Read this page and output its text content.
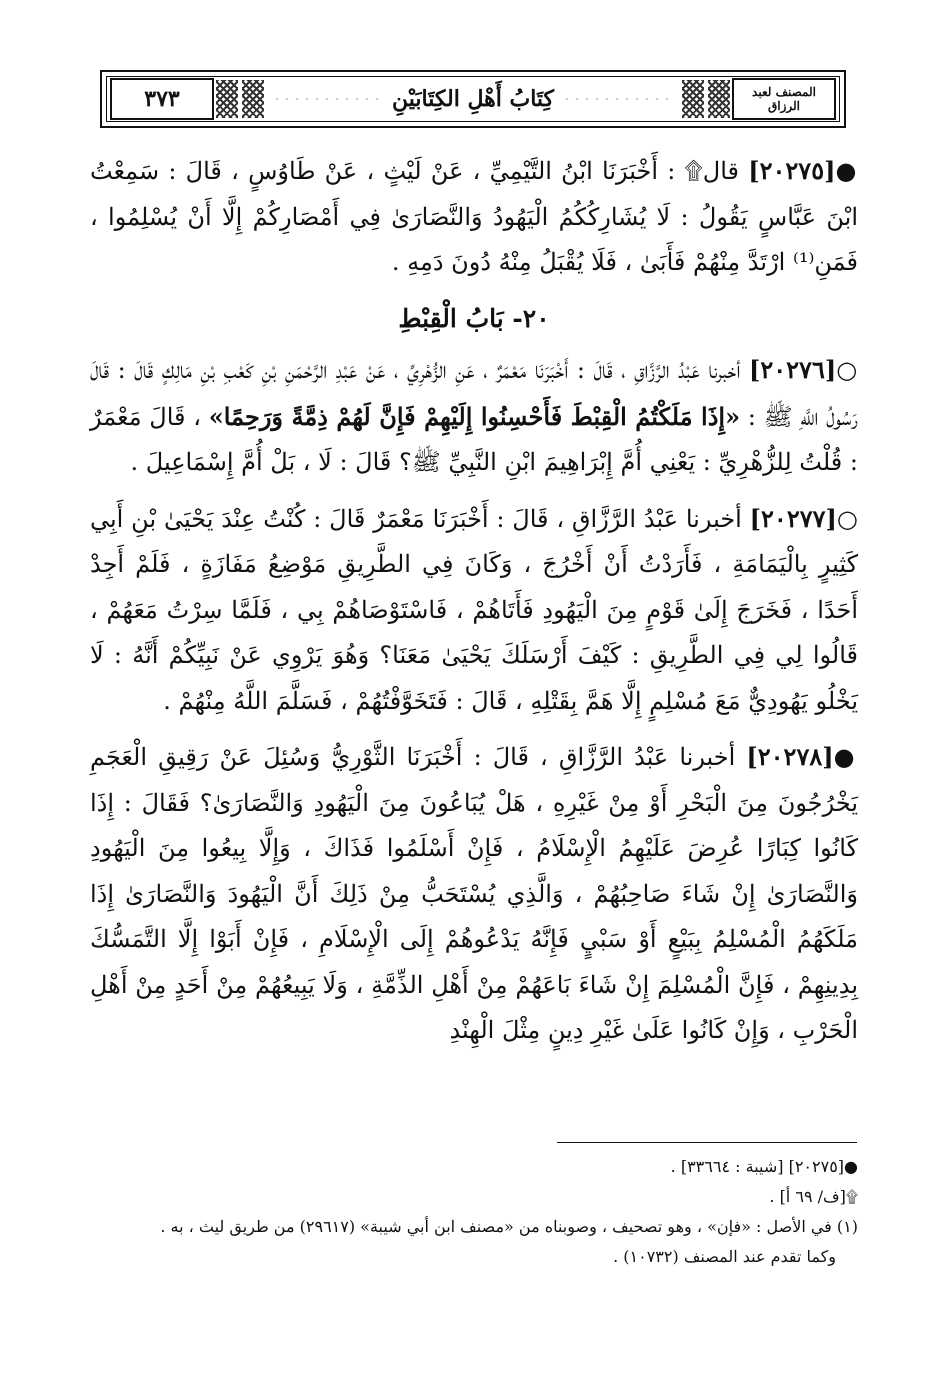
٣٧٣	كِتَابُ أَهْلِ الكِتَابَيْنِ	المصنف لعبد الرزاق

●[٢٠٢٧٥] قال۩ : أَخْبَرَنَا ابْنُ التَّيْمِيِّ ، عَنْ لَيْثٍ ، عَنْ طَاوُسٍ ، قَالَ : سَمِعْتُ ابْنَ عَبَّاسٍ يَقُولُ : لَا يُشَارِكُكُمُ الْيَهُودُ وَالنَّصَارَىٰ فِي أَمْصَارِكُمْ إِلَّا أَنْ يُسْلِمُوا ، فَمَنِ⁽¹⁾ ارْتَدَّ مِنْهُمْ فَأَبَىٰ ، فَلَا يُقْبَلُ مِنْهُ دُونَ دَمِهِ .

٢٠- بَابُ الْقِبْطِ

○[٢٠٢٧٦] أخبرنا عَبْدُ الرَّزَّاقِ ، قَالَ : أَخْبَرَنَا مَعْمَرٌ ، عَنِ الزُّهْرِيِّ ، عَنْ عَبْدِ الرَّحْمَنِ بْنِ كَعْبِ بْنِ مَالِكٍ قَالَ : قَالَ رَسُولُ اللَّهِ ﷺ : «إِذَا مَلَكْتُمُ الْقِبْطَ فَأَحْسِنُوا إِلَيْهِمْ فَإِنَّ لَهُمْ ذِمَّةً وَرَحِمًا» ، قَالَ مَعْمَرٌ : قُلْتُ لِلزُّهْرِيِّ : يَعْنِي أُمَّ إِبْرَاهِيمَ ابْنِ النَّبِيِّ ﷺ؟ قَالَ : لَا ، بَلْ أُمَّ إِسْمَاعِيلَ .

○[٢٠٢٧٧] أخبرنا عَبْدُ الرَّزَّاقِ ، قَالَ : أَخْبَرَنَا مَعْمَرٌ قَالَ : كُنْتُ عِنْدَ يَحْيَىٰ بْنِ أَبِي كَثِيرٍ بِالْيَمَامَةِ ، فَأَرَدْتُ أَنْ أَخْرُجَ ، وَكَانَ فِي الطَّرِيقِ مَوْضِعُ مَفَازَةٍ ، فَلَمْ أَجِدْ أَحَدًا ، فَخَرَجَ إِلَىٰ قَوْمٍ مِنَ الْيَهُودِ فَأَتَاهُمْ ، فَاسْتَوْصَاهُمْ بِي ، فَلَمَّا سِرْتُ مَعَهُمْ ، قَالُوا لِي فِي الطَّرِيقِ : كَيْفَ أَرْسَلَكَ يَحْيَىٰ مَعَنَا؟ وَهُوَ يَرْوِي عَنْ نَبِيِّكُمْ أَنَّهُ : لَا يَخْلُو يَهُودِيٌّ مَعَ مُسْلِمٍ إِلَّا هَمَّ بِقَتْلِهِ ، قَالَ : فَتَخَوَّفْتُهُمْ ، فَسَلَّمَ اللَّهُ مِنْهُمْ .

●[٢٠٢٧٨] أخبرنا عَبْدُ الرَّزَّاقِ ، قَالَ : أَخْبَرَنَا الثَّوْرِيُّ وَسُئِلَ عَنْ رَقِيقِ الْعَجَمِ يَخْرُجُونَ مِنَ الْبَحْرِ أَوْ مِنْ غَيْرِهِ ، هَلْ يُبَاعُونَ مِنَ الْيَهُودِ وَالنَّصَارَىٰ؟ فَقَالَ : إِذَا كَانُوا كِبَارًا عُرِضَ عَلَيْهِمُ الْإِسْلَامُ ، فَإِنْ أَسْلَمُوا فَذَاكَ ، وَإِلَّا بِيعُوا مِنَ الْيَهُودِ وَالنَّصَارَىٰ إِنْ شَاءَ صَاحِبُهُمْ ، وَالَّذِي يُسْتَحَبُّ مِنْ ذَلِكَ أَنَّ الْيَهُودَ وَالنَّصَارَىٰ إِذَا مَلَكَهُمُ الْمُسْلِمُ بِبَيْعٍ أَوْ سَبْيٍ فَإِنَّهُ يَدْعُوهُمْ إِلَى الْإِسْلَامِ ، فَإِنْ أَبَوْا إِلَّا التَّمَسُّكَ بِدِينِهِمْ ، فَإِنَّ الْمُسْلِمَ إِنْ شَاءَ بَاعَهُمْ مِنْ أَهْلِ الذِّمَّةِ ، وَلَا يَبِيعُهُمْ مِنْ أَحَدٍ مِنْ أَهْلِ الْحَرْبِ ، وَإِنْ كَانُوا عَلَىٰ غَيْرِ دِينٍ مِثْلَ الْهِنْدِ

●[٢٠٢٧٥] [شيبة : ٣٣٦٦٤] .

۩[ف/ ٦٩ أ] .

(١) في الأصل : «فإن» ، وهو تصحيف ، وصوبناه من «مصنف ابن أبي شيبة» (٢٩٦١٧) من طريق ليث ، به .

وكما تقدم عند المصنف (١٠٧٣٢) .
